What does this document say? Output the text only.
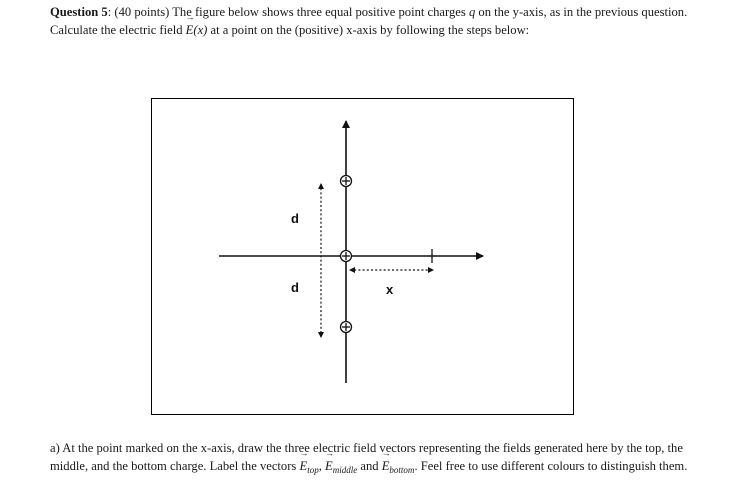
Question 5: (40 points) The figure below shows three equal positive point charges q on the y-axis, as in the previous question. Calculate the electric field → E(x) at a point on the (positive) x-axis by following the steps below:
d
d	x
a) At the point marked on the x-axis, draw the three electric field vectors representing the fields generated here by the top, the middle, and the bottom charge. Label the vectors → $E_{top}$, → $E_{middle}$ and → $E_{bottom}$. Feel free to use different colours to distinguish them.
